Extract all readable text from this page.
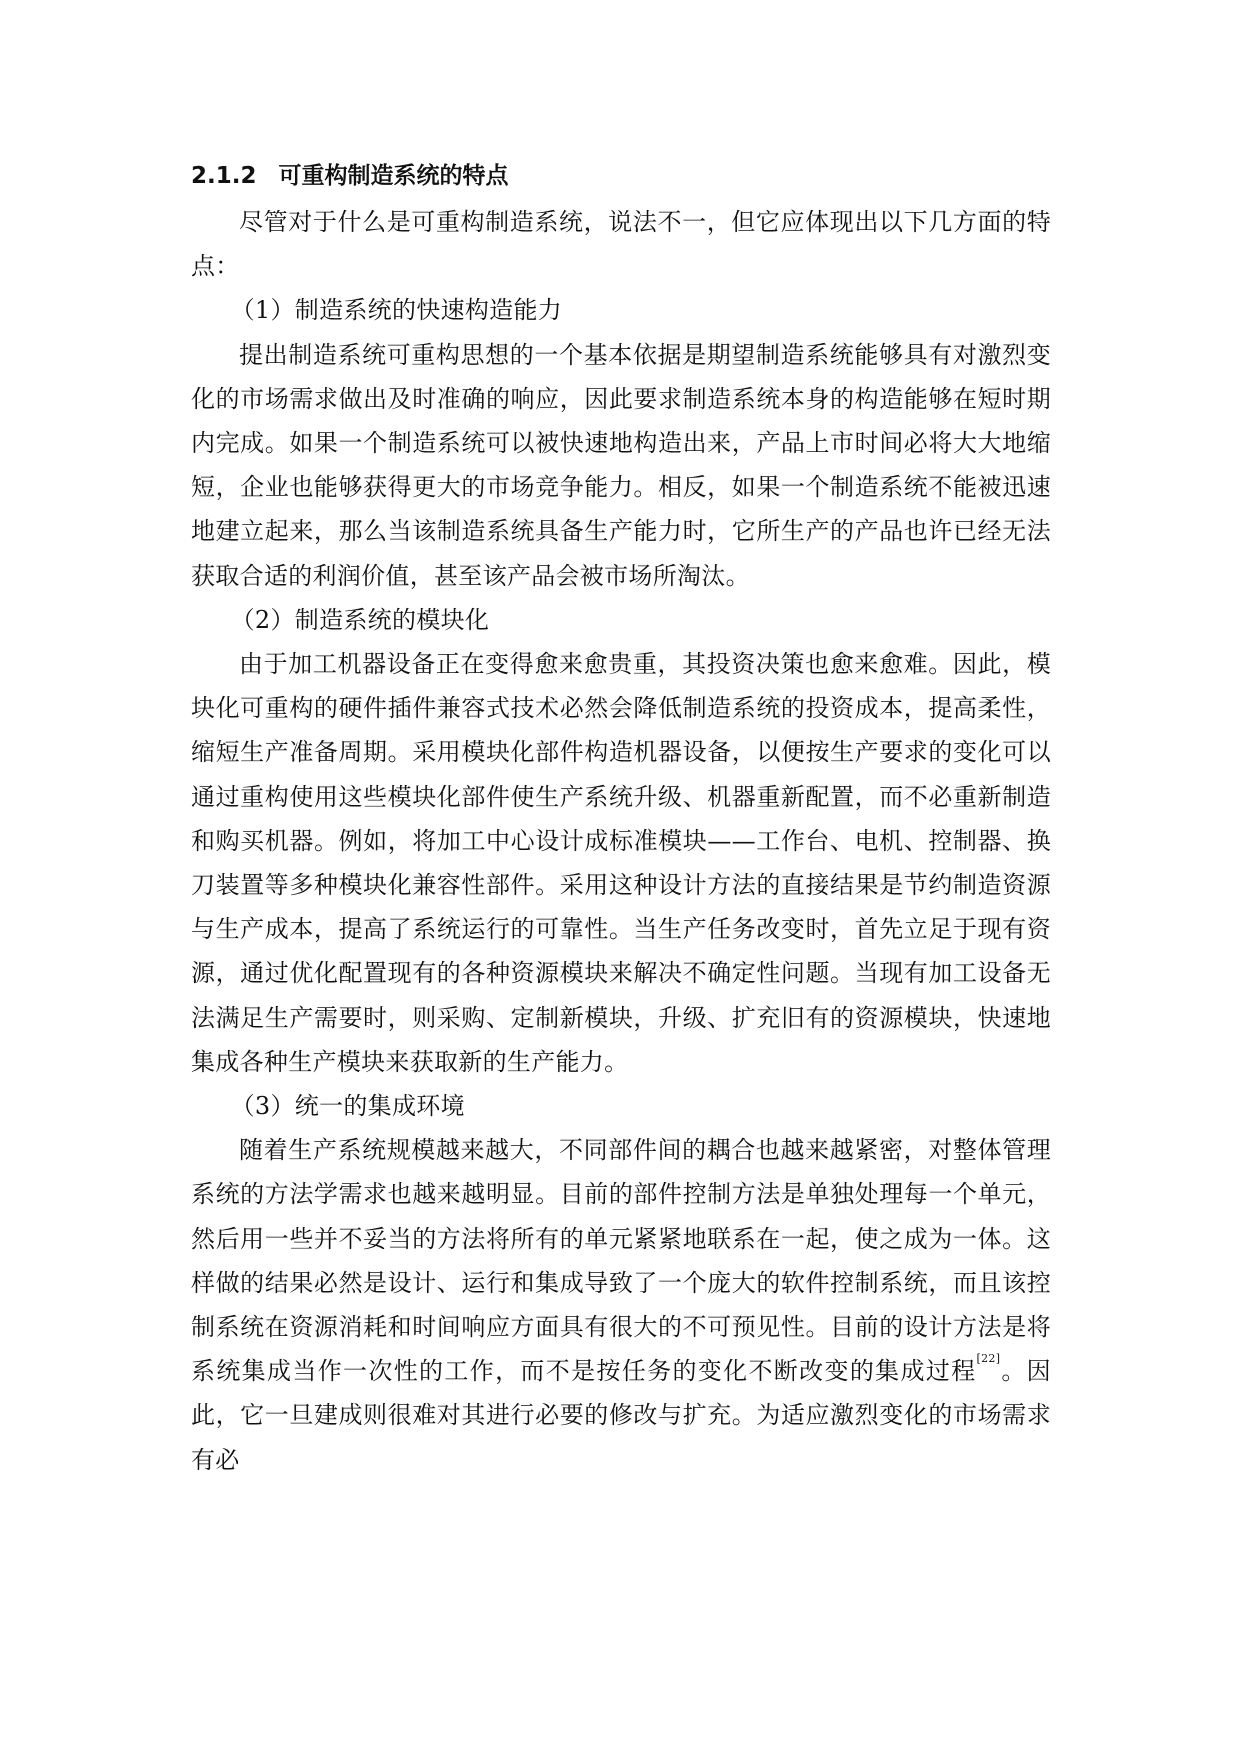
2.1.2 可重构制造系统的特点

尽管对于什么是可重构制造系统，说法不一，但它应体现出以下几方面的特点：

（1）制造系统的快速构造能力

提出制造系统可重构思想的一个基本依据是期望制造系统能够具有对激烈变化的市场需求做出及时准确的响应，因此要求制造系统本身的构造能够在短时期内完成。如果一个制造系统可以被快速地构造出来，产品上市时间必将大大地缩短，企业也能够获得更大的市场竞争能力。相反，如果一个制造系统不能被迅速地建立起来，那么当该制造系统具备生产能力时，它所生产的产品也许已经无法获取合适的利润价值，甚至该产品会被市场所淘汰。

（2）制造系统的模块化

由于加工机器设备正在变得愈来愈贵重，其投资决策也愈来愈难。因此，模块化可重构的硬件插件兼容式技术必然会降低制造系统的投资成本，提高柔性，缩短生产准备周期。采用模块化部件构造机器设备，以便按生产要求的变化可以通过重构使用这些模块化部件使生产系统升级、机器重新配置，而不必重新制造和购买机器。例如，将加工中心设计成标准模块——工作台、电机、控制器、换刀装置等多种模块化兼容性部件。采用这种设计方法的直接结果是节约制造资源与生产成本，提高了系统运行的可靠性。当生产任务改变时，首先立足于现有资源，通过优化配置现有的各种资源模块来解决不确定性问题。当现有加工设备无法满足生产需要时，则采购、定制新模块，升级、扩充旧有的资源模块，快速地集成各种生产模块来获取新的生产能力。

（3）统一的集成环境

随着生产系统规模越来越大，不同部件间的耦合也越来越紧密，对整体管理系统的方法学需求也越来越明显。目前的部件控制方法是单独处理每一个单元，然后用一些并不妥当的方法将所有的单元紧紧地联系在一起，使之成为一体。这样做的结果必然是设计、运行和集成导致了一个庞大的软件控制系统，而且该控制系统在资源消耗和时间响应方面具有很大的不可预见性。目前的设计方法是将系统集成当作一次性的工作，而不是按任务的变化不断改变的集成过程[22]。因此，它一旦建成则很难对其进行必要的修改与扩充。为适应激烈变化的市场需求有必
